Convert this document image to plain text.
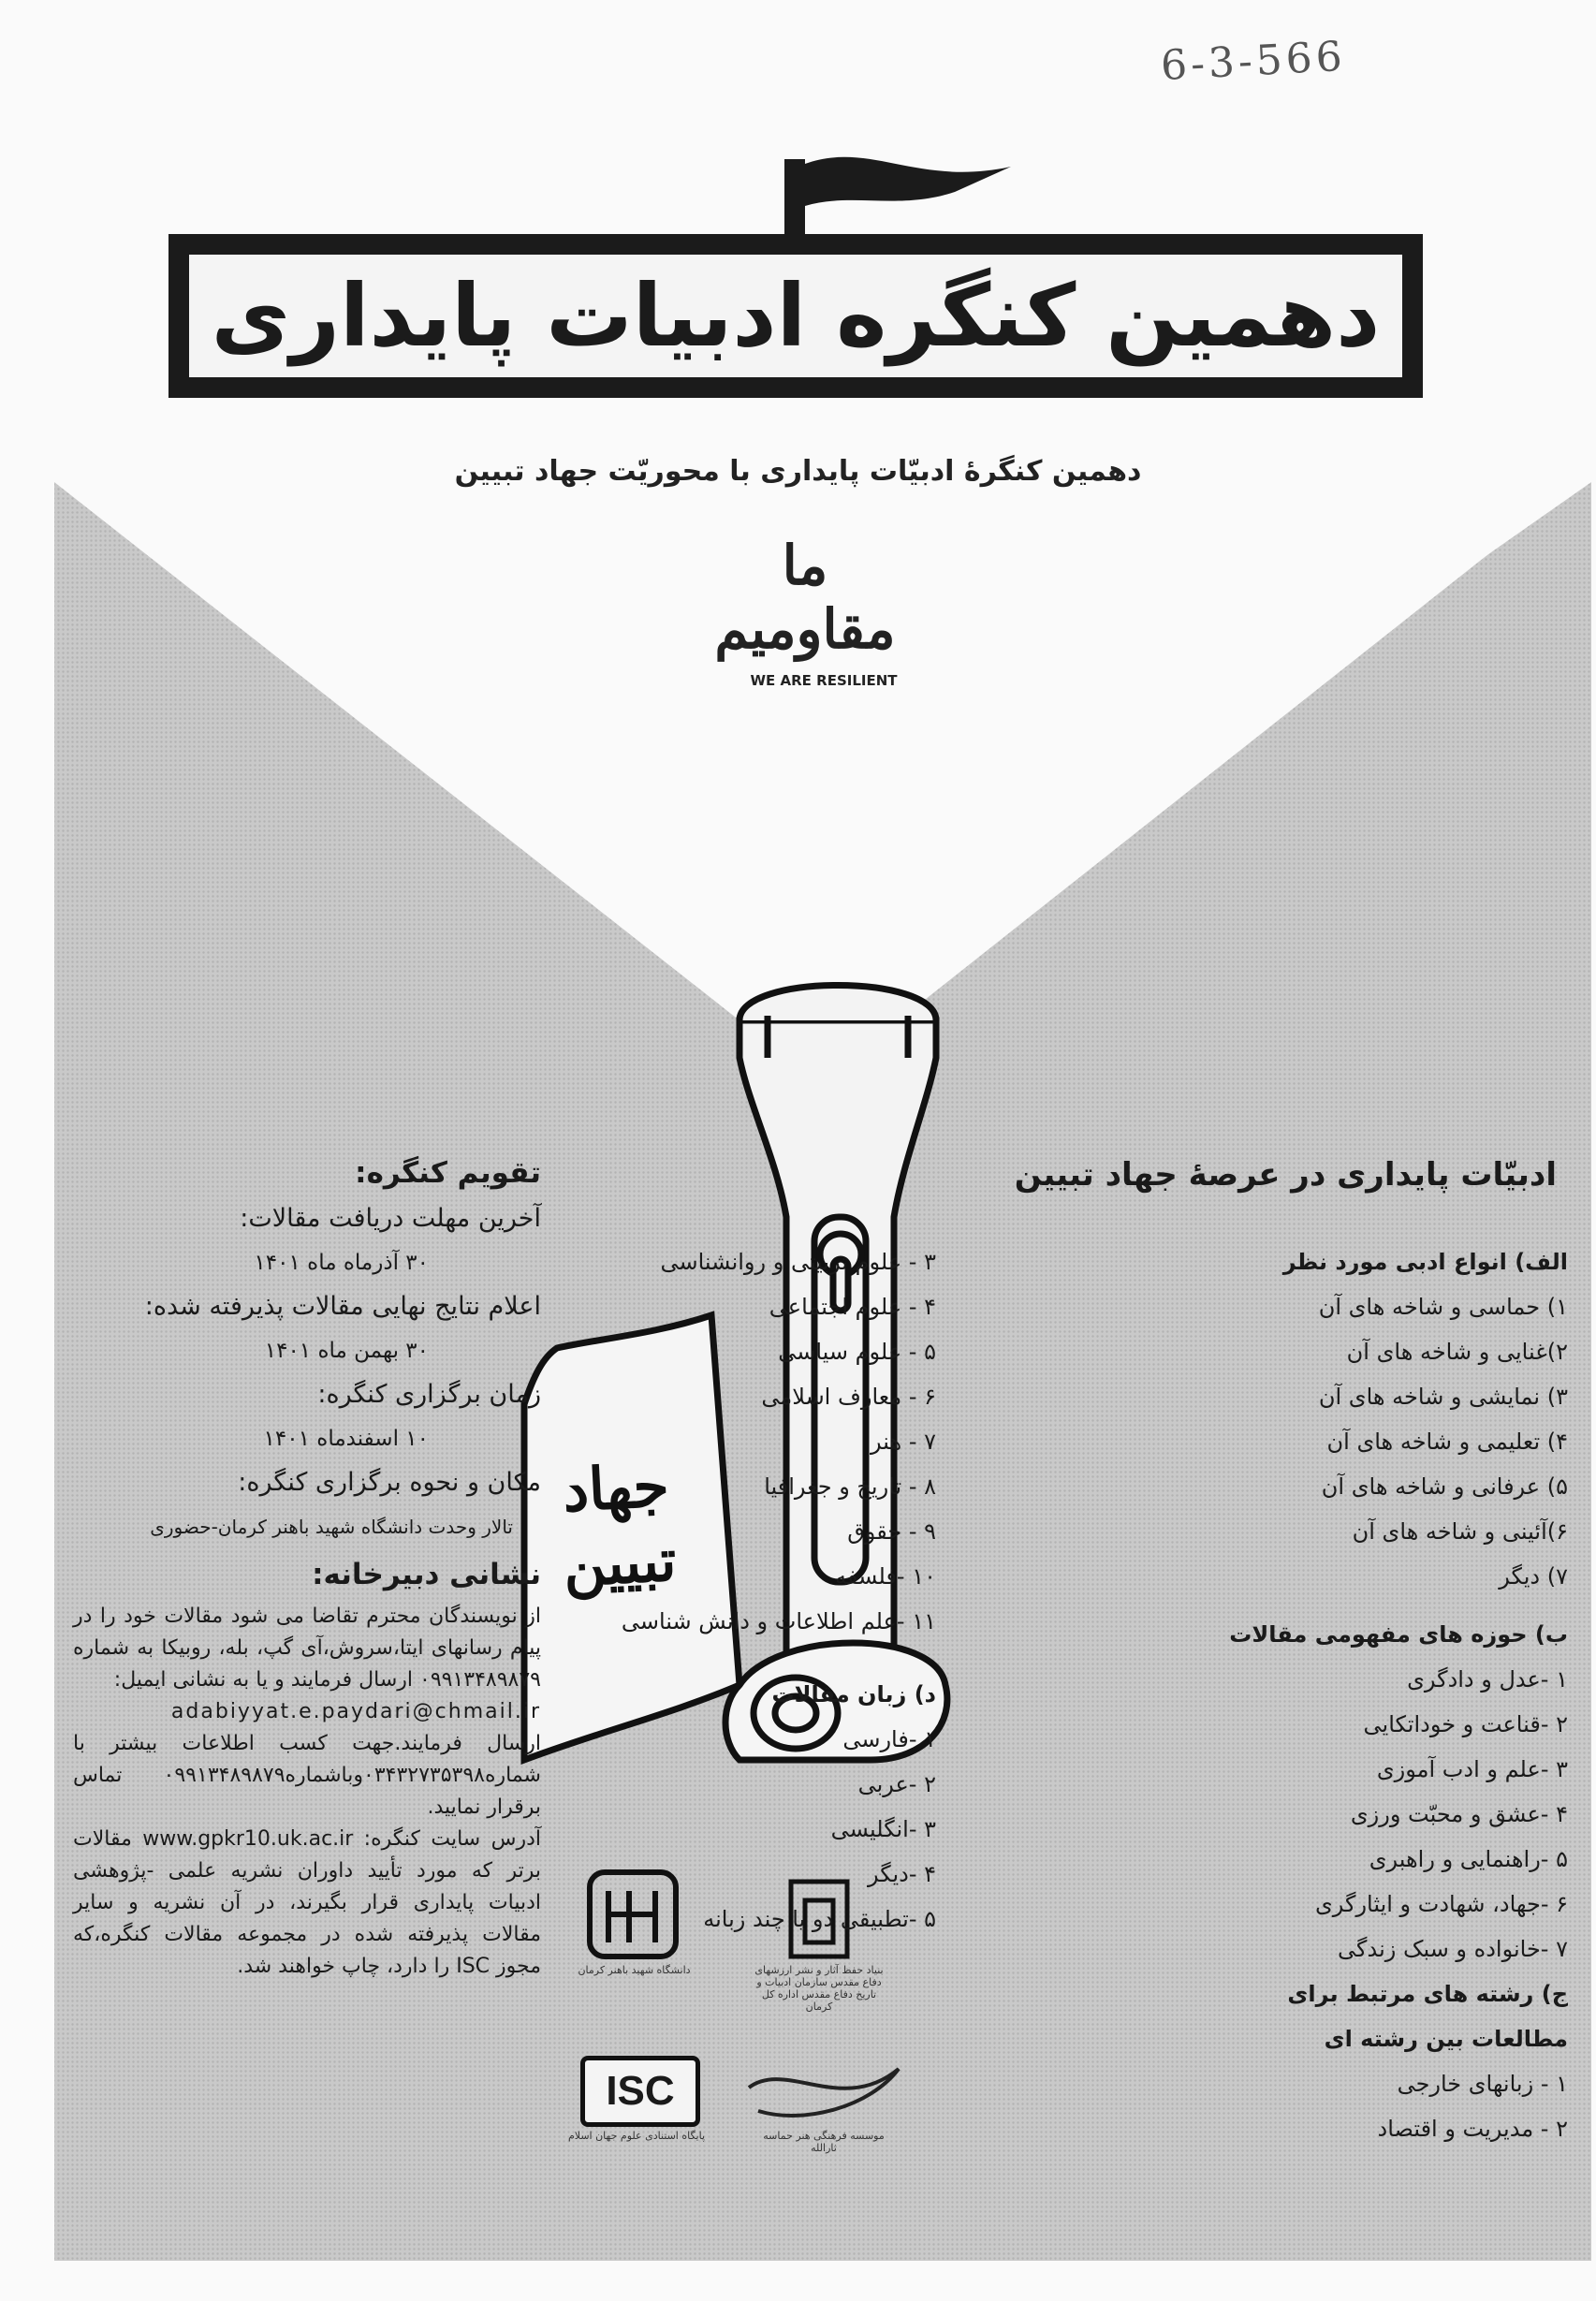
6-3-566
دهمین کنگره ادبیات پایداری
دهمین کنگرهٔ ادبیّات پایداری با محوریّت جهاد تبیین
ما مقاومیم
WE ARE RESILIENT
جهاد تبیین
ادبیّات پایداری در عرصهٔ جهاد تبیین
الف) انواع ادبی مورد نظر
۱) حماسی و شاخه های آن
۲)غنایی و شاخه های آن
۳) نمایشی و شاخه های آن
۴) تعلیمی و شاخه های آن
۵) عرفانی و شاخه های آن
۶)آئینی و شاخه های آن
۷) دیگر
ب) حوزه های مفهومی مقالات
۱ -عدل و دادگری
۲ -قناعت و خوداتکایی
۳ -علم و ادب آموزی
۴ -عشق و محبّت ورزی
۵ -راهنمایی و راهبری
۶ -جهاد، شهادت و ایثارگری
۷ -خانواده و سبک زندگی
ج) رشته های مرتبط برای
مطالعات بین رشته ای
۱ - زبانهای خارجی
۲ - مدیریت و اقتصاد
۳ - علوم تربیتی و روانشناسی
۴ - علوم اجتماعی
۵ - علوم سیاسی
۶ - معارف اسلامی
۷ - هنر
۸ - تاریخ و جغرافیا
۹ - حقوق
۱۰ -فلسفه
۱۱ -علم اطلاعات و دانش شناسی
د) زبان مقالات
۱ -فارسی
۲ -عربی
۳ -انگلیسی
۴ -دیگر
۵ -تطبیقی دو یا چند زبانه
تقویم کنگره:
آخرین مهلت دریافت مقالات:
۳۰ آذرماه ماه ۱۴۰۱
اعلام نتایج نهایی مقالات پذیرفته شده:
۳۰ بهمن ماه ۱۴۰۱
زمان برگزاری کنگره:
۱۰ اسفندماه ۱۴۰۱
مکان و نحوه برگزاری کنگره:
تالار وحدت دانشگاه شهید باهنر کرمان-حضوری
نشانی دبیرخانه:
از نویسندگان محترم تقاضا می شود مقالات خود را در پیام رسانهای ایتا،سروش،آی گپ، بله، روبیکا به شماره ۰۹۹۱۳۴۸۹۸۷۹ ارسال فرمایند و یا به نشانی ایمیل:
adabiyyat.e.paydari@chmail.ir
ارسال فرمایند.جهت کسب اطلاعات بیشتر با شماره۰۳۴۳۲۷۳۵۳۹۸وباشماره۰۹۹۱۳۴۸۹۸۷۹ تماس برقرار نمایید.
آدرس سایت کنگره: www.gpkr10.uk.ac.ir مقالات برتر که مورد تأیید داوران نشریه علمی -پژوهشی ادبیات پایداری قرار بگیرند، در آن نشریه و سایر مقالات پذیرفته شده در مجموعه مقالات کنگره،که مجوز ISC را دارد، چاپ خواهند شد.	دانشگاه شهید باهنر کرمان	بنیاد حفظ آثار و نشر ارزشهای دفاع مقدس سازمان ادبیات و تاریخ دفاع مقدس اداره کل کرمان
ISC
پایگاه استنادی علوم جهان اسلام	موسسه فرهنگی هنر حماسه ثارالله
